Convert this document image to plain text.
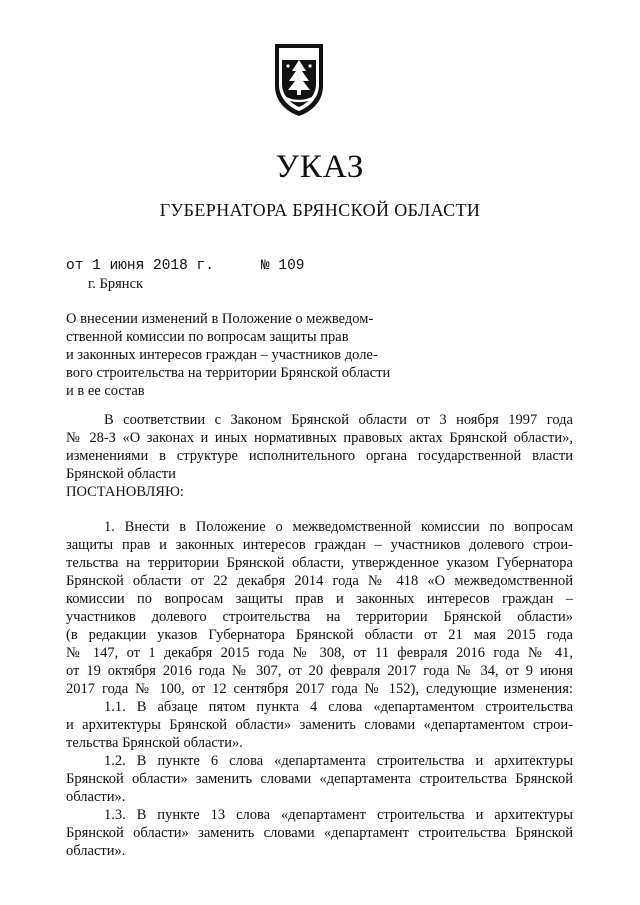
УКАЗ
ГУБЕРНАТОРА БРЯНСКОЙ ОБЛАСТИ
от 1 июня 2018 г.	№ 109
г. Брянск
О внесении изменений в Положение о межведом-
ственной комиссии по вопросам защиты прав
и законных интересов граждан – участников доле-
вого строительства на территории Брянской области
и в ее состав
В соответствии с Законом Брянской области от 3 ноября 1997 года
№ 28-З «О законах и иных нормативных правовых актах Брянской области»,
изменениями в структуре исполнительного органа государственной власти
Брянской области
ПОСТАНОВЛЯЮ:
1. Внести в Положение о межведомственной комиссии по вопросам
защиты прав и законных интересов граждан – участников долевого строи-
тельства на территории Брянской области, утвержденное указом Губернатора
Брянской области от 22 декабря 2014 года № 418 «О межведомственной
комиссии по вопросам защиты прав и законных интересов граждан –
участников долевого строительства на территории Брянской области»
(в редакции указов Губернатора Брянской области от 21 мая 2015 года
№ 147, от 1 декабря 2015 года № 308, от 11 февраля 2016 года № 41,
от 19 октября 2016 года № 307, от 20 февраля 2017 года № 34, от 9 июня
2017 года № 100, от 12 сентября 2017 года № 152), следующие изменения:
1.1. В абзаце пятом пункта 4 слова «департаментом строительства
и архитектуры Брянской области» заменить словами «департаментом строи-
тельства Брянской области».
1.2. В пункте 6 слова «департамента строительства и архитектуры
Брянской области» заменить словами «департамента строительства Брянской
области».
1.3. В пункте 13 слова «департамент строительства и архитектуры
Брянской области» заменить словами «департамент строительства Брянской
области».
